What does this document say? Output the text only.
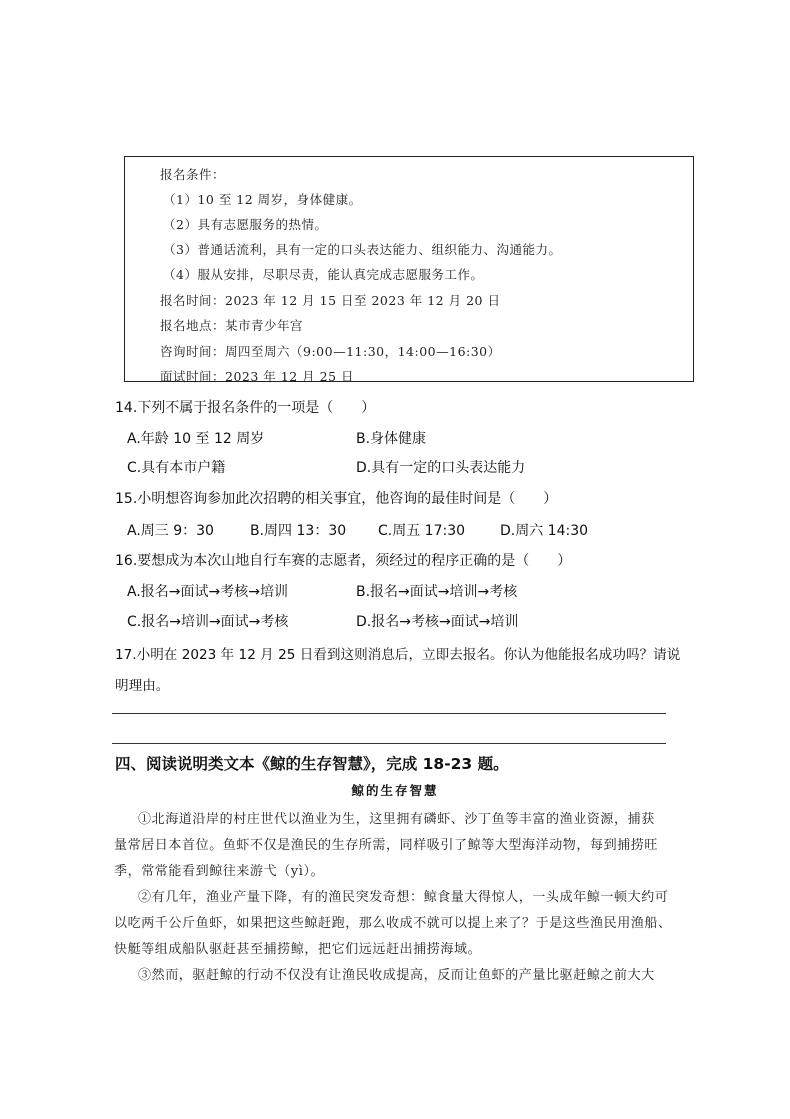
报名条件：
（1）10 至 12 周岁，身体健康。
（2）具有志愿服务的热情。
（3）普通话流利，具有一定的口头表达能力、组织能力、沟通能力。
（4）服从安排，尽职尽责，能认真完成志愿服务工作。
报名时间：2023 年 12 月 15 日至 2023 年 12 月 20 日
报名地点：某市青少年宫
咨询时间：周四至周六（9:00—11:30，14:00—16:30）
面试时间：2023 年 12 月 25 日
14.下列不属于报名条件的一项是（　　）
A.年龄 10 至 12 周岁	B.身体健康
C.具有本市户籍	D.具有一定的口头表达能力
15.小明想咨询参加此次招聘的相关事宜，他咨询的最佳时间是（　　）
A.周三 9：30	B.周四 13：30 C.周五 17:30 D.周六 14:30
16.要想成为本次山地自行车赛的志愿者，须经过的程序正确的是（　　）
A.报名→面试→考核→培训	B.报名→面试→培训→考核
C.报名→培训→面试→考核	D.报名→考核→面试→培训
17.小明在 2023 年 12 月 25 日看到这则消息后，立即去报名。你认为他能报名成功吗？请说
明理由。
四、阅读说明类文本《鲸的生存智慧》，完成 18-23 题。
鲸的生存智慧
①北海道沿岸的村庄世代以渔业为生，这里拥有磷虾、沙丁鱼等丰富的渔业资源，捕获
量常居日本首位。鱼虾不仅是渔民的生存所需，同样吸引了鲸等大型海洋动物，每到捕捞旺
季，常常能看到鲸往来游弋（yì）。
②有几年，渔业产量下降，有的渔民突发奇想：鲸食量大得惊人，一头成年鲸一顿大约可
以吃两千公斤鱼虾，如果把这些鲸赶跑，那么收成不就可以提上来了？于是这些渔民用渔船、
快艇等组成船队驱赶甚至捕捞鲸，把它们远远赶出捕捞海域。
③然而，驱赶鲸的行动不仅没有让渔民收成提高，反而让鱼虾的产量比驱赶鲸之前大大
